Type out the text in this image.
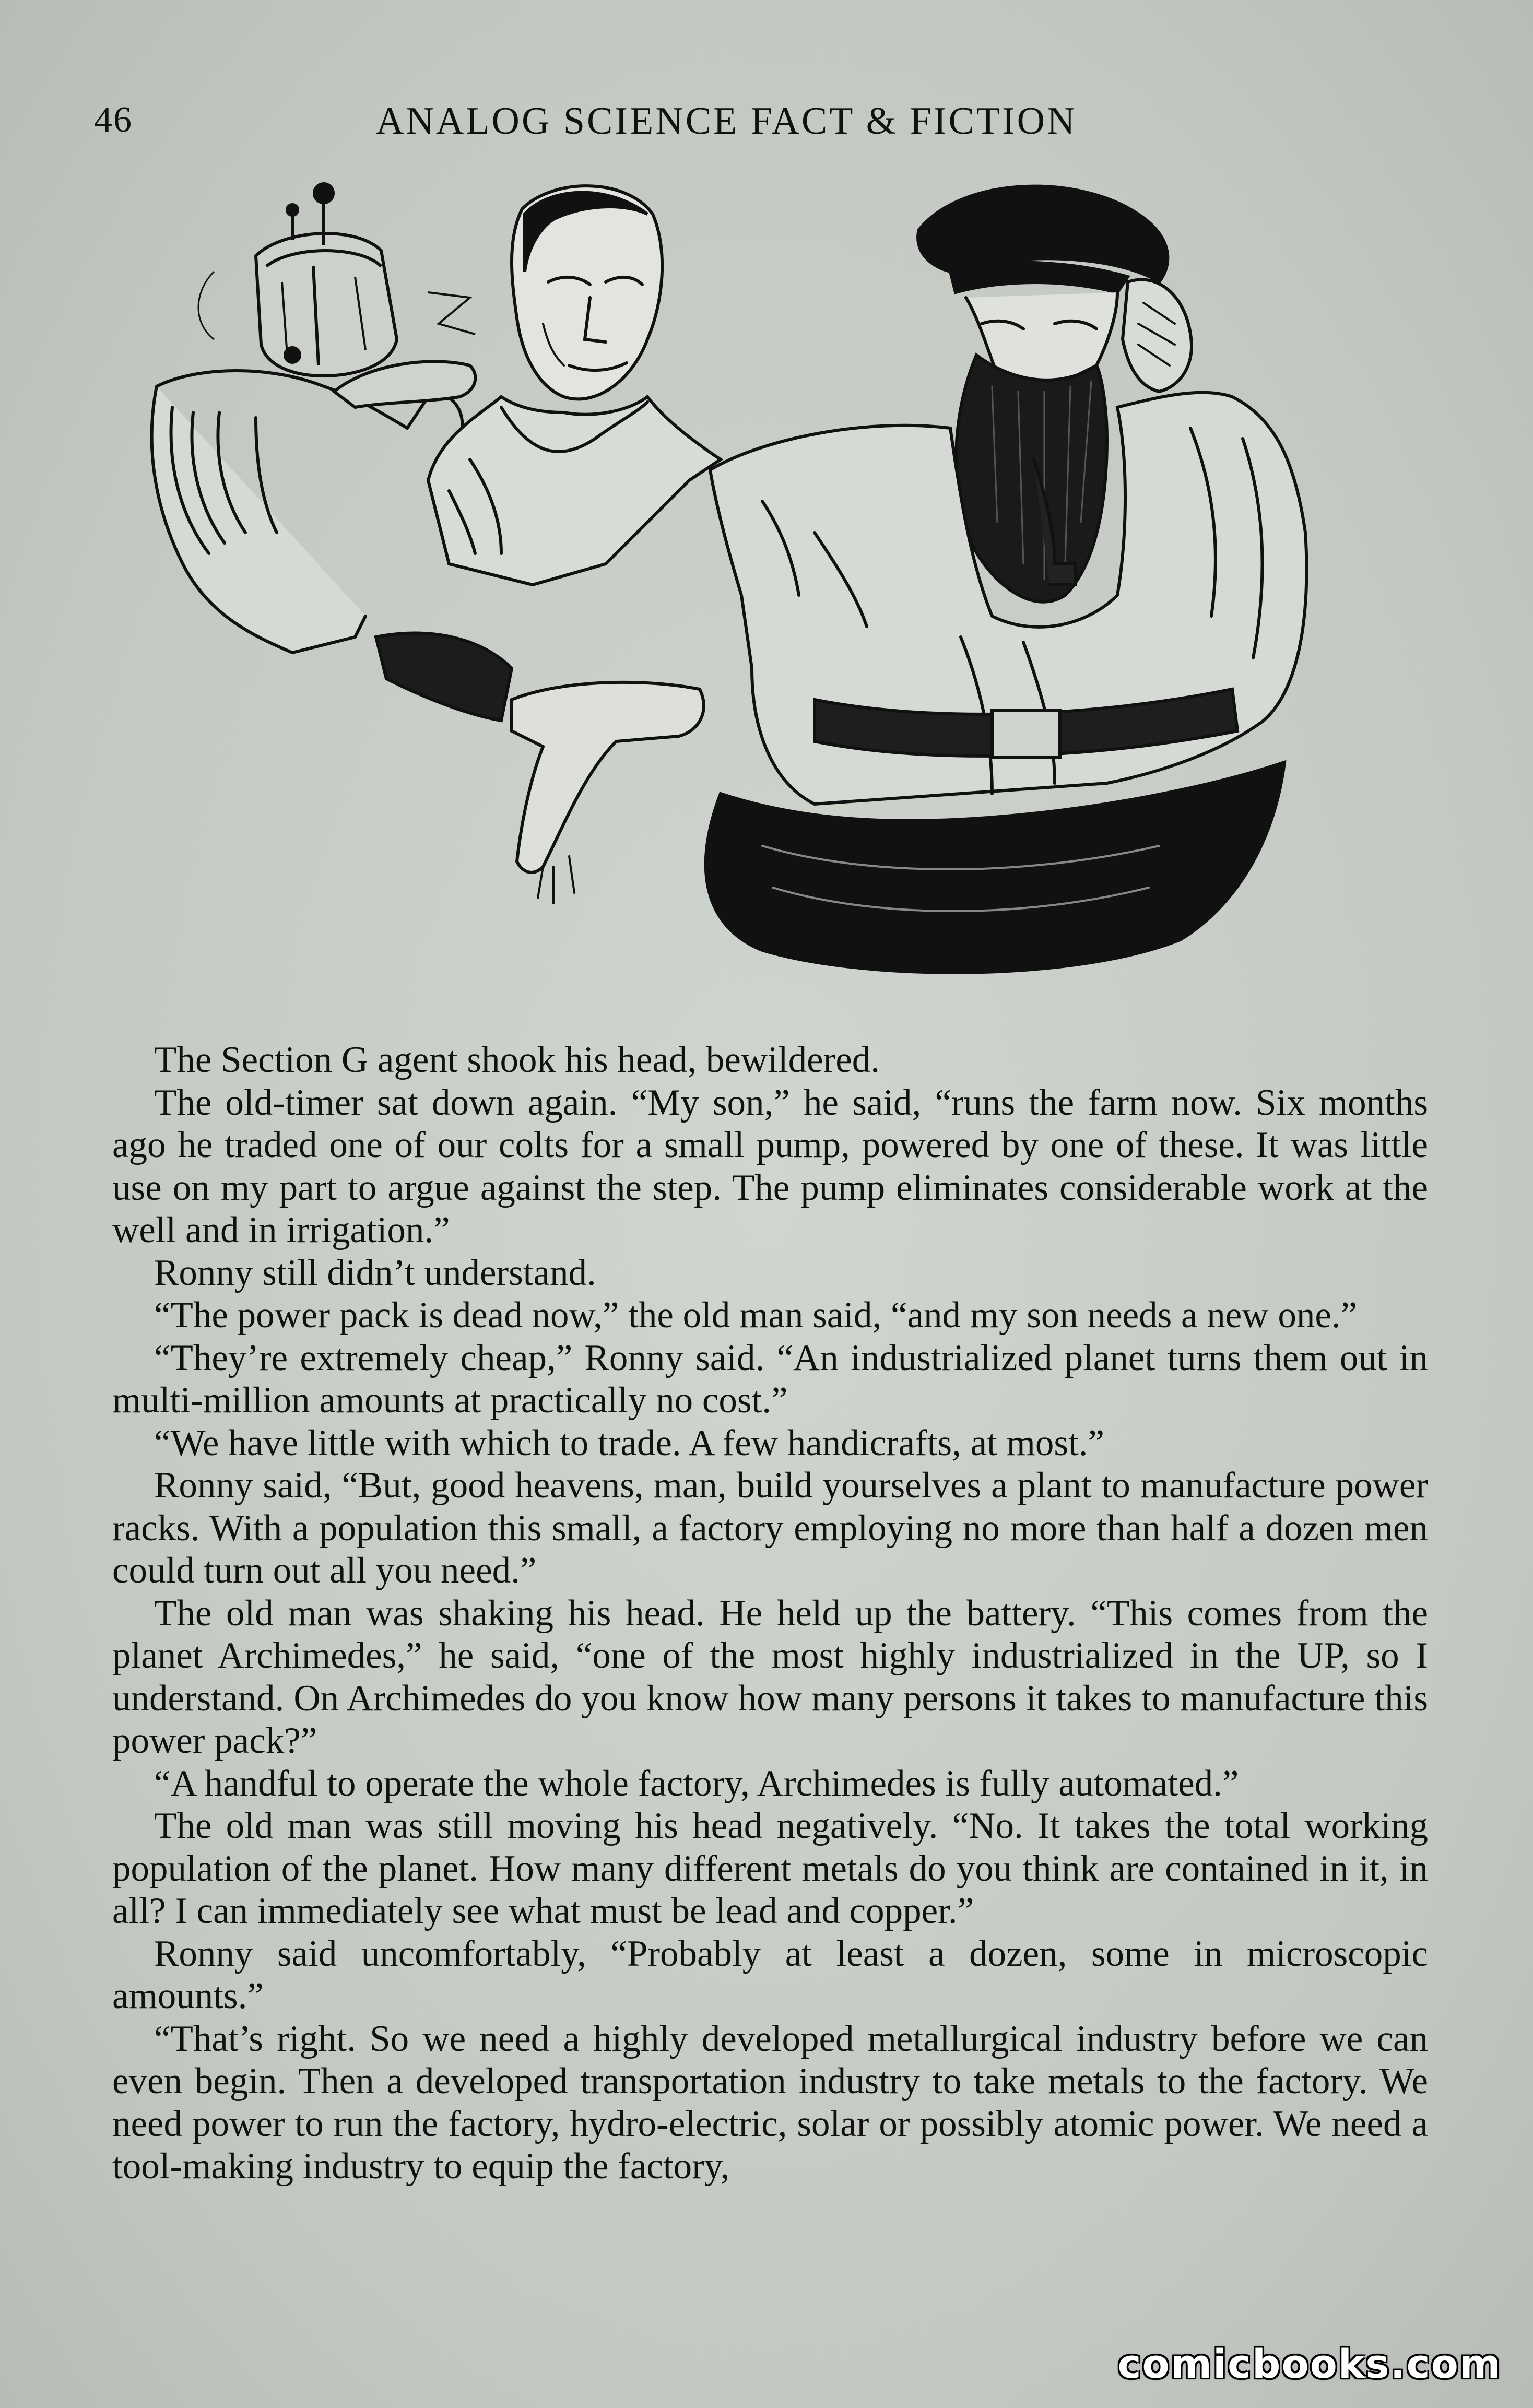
46	ANALOG SCIENCE FACT & FICTION

The Section G agent shook his head, bewildered.

The old-timer sat down again. “My son,” he said, “runs the farm now. Six months ago he traded one of our colts for a small pump, powered by one of these. It was little use on my part to argue against the step. The pump eliminates considerable work at the well and in irrigation.”

Ronny still didn’t understand.

“The power pack is dead now,” the old man said, “and my son needs a new one.”

“They’re extremely cheap,” Ronny said. “An industrialized planet turns them out in multi-million amounts at practically no cost.”

“We have little with which to trade. A few handicrafts, at most.”

Ronny said, “But, good heavens, man, build yourselves a plant to manufacture power racks. With a population this small, a factory employing no more than half a dozen men could turn out all you need.”

The old man was shaking his head. He held up the battery. “This comes from the planet Archimedes,” he said, “one of the most highly industrialized in the UP, so I understand. On Archimedes do you know how many persons it takes to manufacture this power pack?”

“A handful to operate the whole factory, Archimedes is fully automated.”

The old man was still moving his head negatively. “No. It takes the total working population of the planet. How many different metals do you think are contained in it, in all? I can immediately see what must be lead and copper.”

Ronny said uncomfortably, “Probably at least a dozen, some in microscopic amounts.”

“That’s right. So we need a highly developed metallurgical industry before we can even begin. Then a developed transportation industry to take metals to the factory. We need power to run the factory, hydro-electric, solar or possibly atomic power. We need a tool-making industry to equip the factory,

comicbooks.com
